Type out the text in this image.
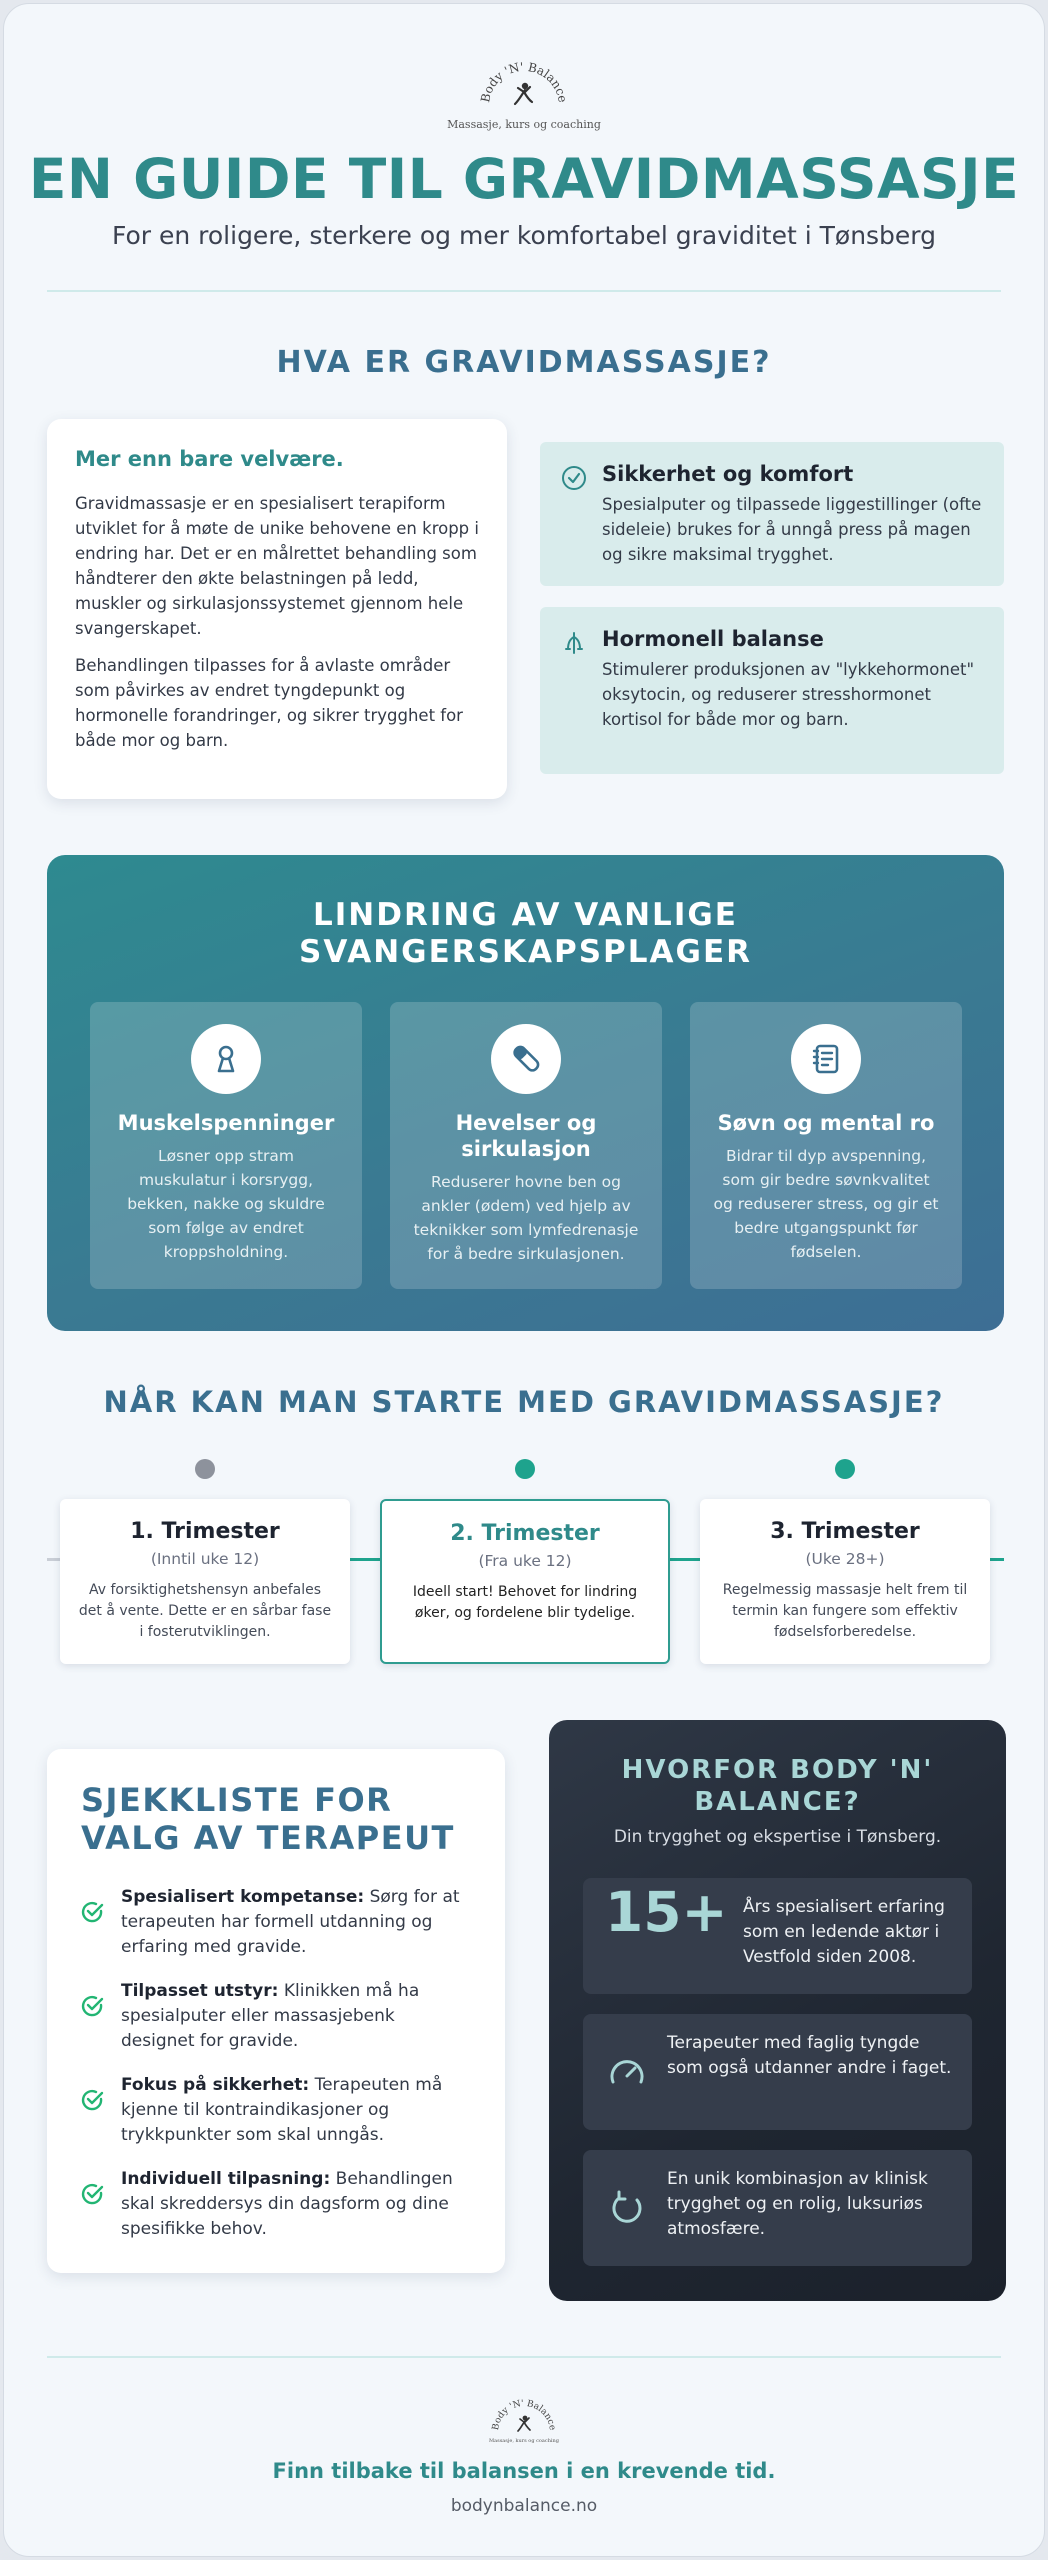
Body 'N' Balance
Massasje, kurs og coaching
EN GUIDE TIL GRAVIDMASSASJE
For en roligere, sterkere og mer komfortabel graviditet i Tønsberg
HVA ER GRAVIDMASSASJE?
Mer enn bare velvære.

Gravidmassasje er en spesialisert terapiform utviklet for å møte de unike behovene en kropp i endring har. Det er en målrettet behandling som håndterer den økte belastningen på ledd, muskler og sirkulasjonssystemet gjennom hele svangerskapet.

Behandlingen tilpasses for å avlaste områder som påvirkes av endret tyngdepunkt og hormonelle forandringer, og sikrer trygghet for både mor og barn.

Sikkerhet og komfort

Spesialputer og tilpassede liggestillinger (ofte sideleie) brukes for å unngå press på magen og sikre maksimal trygghet.

Hormonell balanse

Stimulerer produksjonen av "lykkehormonet" oksytocin, og reduserer stresshormonet kortisol for både mor og barn.

LINDRING AV VANLIGE
SVANGERSKAPSPLAGER
Muskelspenninger

Løsner opp stram muskulatur i korsrygg, bekken, nakke og skuldre som følge av endret kroppsholdning.

Hevelser og sirkulasjon

Reduserer hovne ben og ankler (ødem) ved hjelp av teknikker som lymfedrenasje for å bedre sirkulasjonen.

Søvn og mental ro

Bidrar til dyp avspenning, som gir bedre søvnkvalitet og reduserer stress, og gir et bedre utgangspunkt før fødselen.

NÅR KAN MAN STARTE MED GRAVIDMASSASJE?
1. Trimester
(Inntil uke 12)

Av forsiktighetshensyn anbefales det å vente. Dette er en sårbar fase i fosterutviklingen.

2. Trimester
(Fra uke 12)

Ideell start! Behovet for lindring øker, og fordelene blir tydelige.

3. Trimester
(Uke 28+)

Regelmessig massasje helt frem til termin kan fungere som effektiv fødselsforberedelse.

SJEKKLISTE FOR
VALG AV TERAPEUT
Spesialisert kompetanse: Sørg for at terapeuten har formell utdanning og erfaring med gravide.
Tilpasset utstyr: Klinikken må ha spesialputer eller massasjebenk designet for gravide.
Fokus på sikkerhet: Terapeuten må kjenne til kontraindikasjoner og trykkpunkter som skal unngås.
Individuell tilpasning: Behandlingen skal skreddersys din dagsform og dine spesifikke behov.
HVORFOR BODY 'N'
BALANCE?
Din trygghet og ekspertise i Tønsberg.
15+ Års spesialisert erfaring som en ledende aktør i Vestfold siden 2008.
Terapeuter med faglig tyngde som også utdanner andre i faget.
En unik kombinasjon av klinisk trygghet og en rolig, luksuriøs atmosfære.
Body 'N' Balance
Massasje, kurs og coaching
Finn tilbake til balansen i en krevende tid.
bodynbalance.no
